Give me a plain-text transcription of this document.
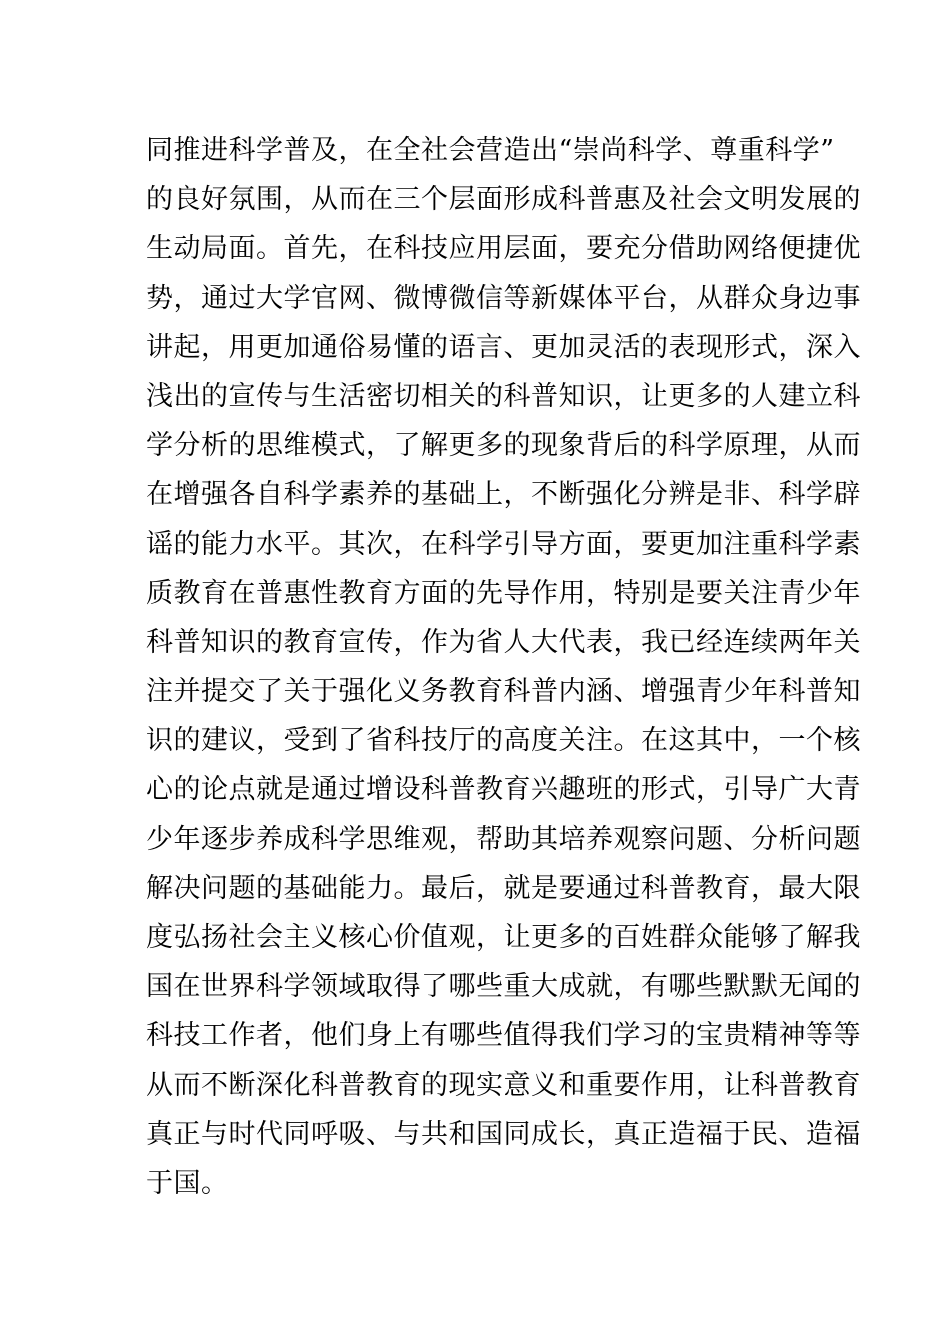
同推进科学普及，在全社会营造出“崇尚科学、尊重科学”
的良好氛围，从而在三个层面形成科普惠及社会文明发展的
生动局面。首先，在科技应用层面，要充分借助网络便捷优
势，通过大学官网、微博微信等新媒体平台，从群众身边事
讲起，用更加通俗易懂的语言、更加灵活的表现形式，深入
浅出的宣传与生活密切相关的科普知识，让更多的人建立科
学分析的思维模式，了解更多的现象背后的科学原理，从而
在增强各自科学素养的基础上，不断强化分辨是非、科学辟
谣的能力水平。其次，在科学引导方面，要更加注重科学素
质教育在普惠性教育方面的先导作用，特别是要关注青少年
科普知识的教育宣传，作为省人大代表，我已经连续两年关
注并提交了关于强化义务教育科普内涵、增强青少年科普知
识的建议，受到了省科技厅的高度关注。在这其中，一个核
心的论点就是通过增设科普教育兴趣班的形式，引导广大青
少年逐步养成科学思维观，帮助其培养观察问题、分析问题
解决问题的基础能力。最后，就是要通过科普教育，最大限
度弘扬社会主义核心价值观，让更多的百姓群众能够了解我
国在世界科学领域取得了哪些重大成就，有哪些默默无闻的
科技工作者，他们身上有哪些值得我们学习的宝贵精神等等
从而不断深化科普教育的现实意义和重要作用，让科普教育
真正与时代同呼吸、与共和国同成长，真正造福于民、造福
于国。
